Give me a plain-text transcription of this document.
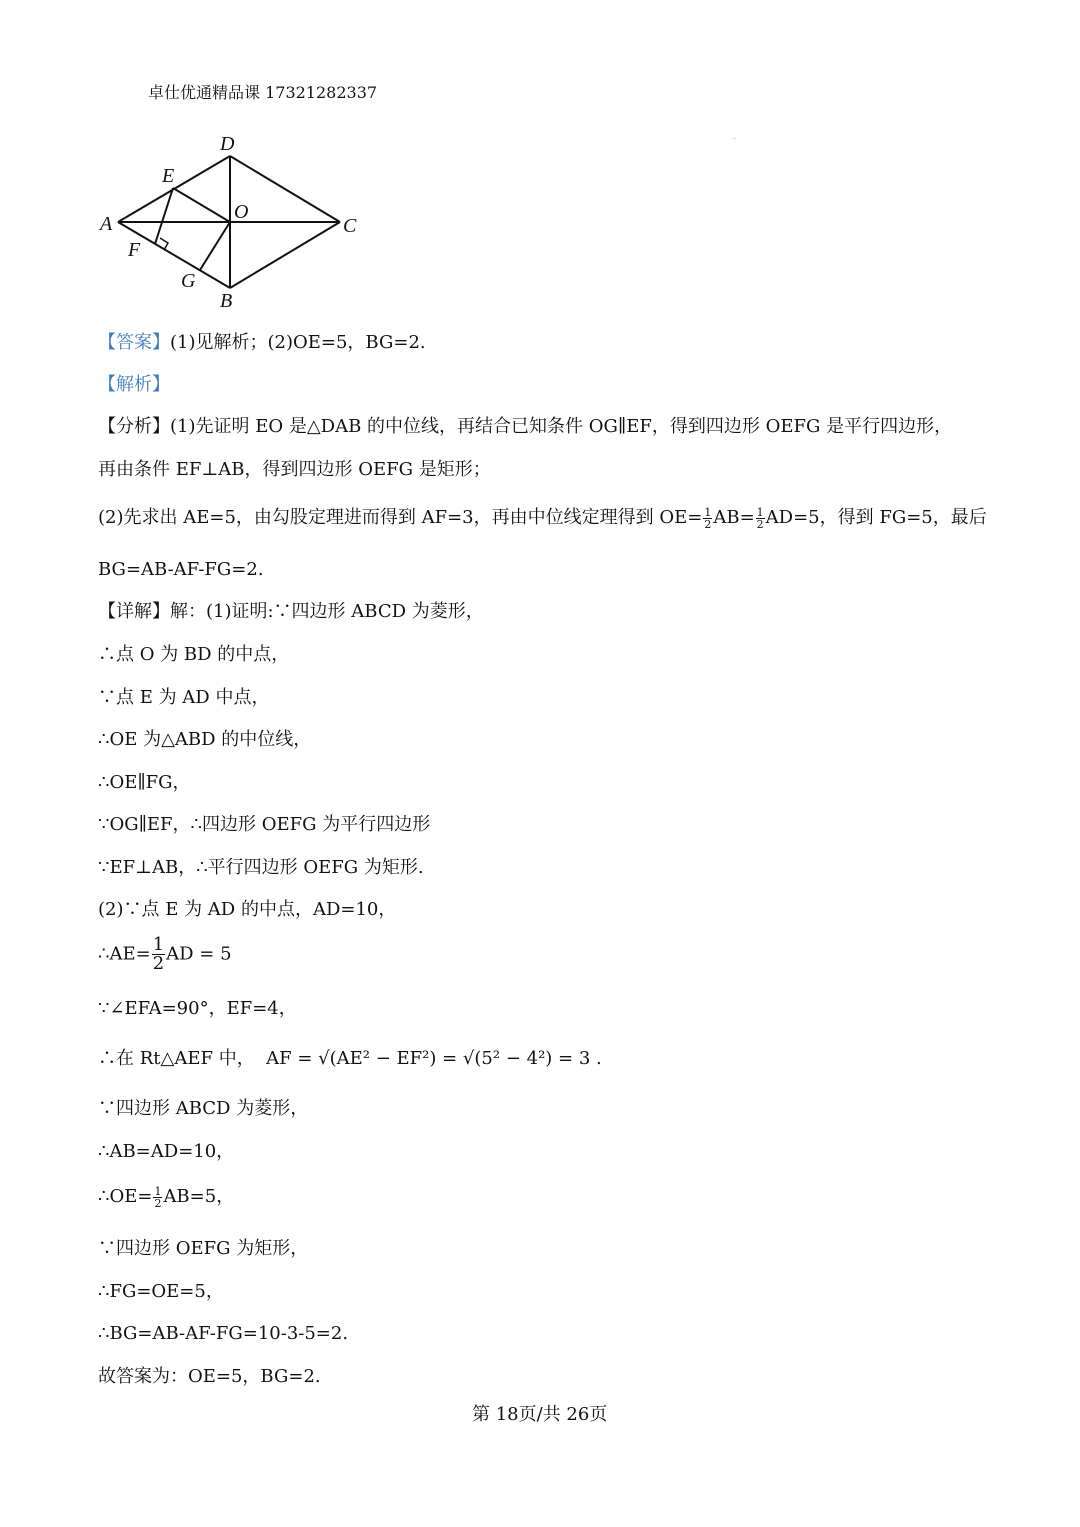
卓仕优通精品课 17321282337
.
D
E
O
A	C
F
G
B
【答案】(1)见解析；(2)OE=5，BG=2.
【解析】
【分析】(1)先证明 EO 是△DAB 的中位线，再结合已知条件 OG∥EF，得到四边形 OEFG 是平行四边形，
再由条件 EF⊥AB，得到四边形 OEFG 是矩形；
(2)先求出 AE=5，由勾股定理进而得到 AF=3，再由中位线定理得到 $OE= \frac{1}{2} AB= \frac{1}{2} AD=5$，得到 FG=5，最后
BG=AB-AF-FG=2.
【详解】解：(1)证明:∵四边形 ABCD 为菱形，
∴点 O 为 BD 的中点，
∵点 E 为 AD 中点，
∴OE 为△ABD 的中位线，
∴OE∥FG，
∵OG∥EF，∴四边形 OEFG 为平行四边形
∵EF⊥AB，∴平行四边形 OEFG 为矩形.
(2)∵点 E 为 AD 的中点，AD=10，
∴AE= $\frac{1}{2}$ AD = 5
∵∠EFA=90°，EF=4，
∴在 Rt△AEF 中， AF = √(AE² − EF²) = √(5² − 4²) = 3 .
∵四边形 ABCD 为菱形，
∴AB=AD=10，
∴OE= $\frac{1}{2} AB=5$，
∵四边形 OEFG 为矩形，
∴FG=OE=5，
∴BG=AB-AF-FG=10-3-5=2.
故答案为：OE=5，BG=2.
第 18页/共 26页
